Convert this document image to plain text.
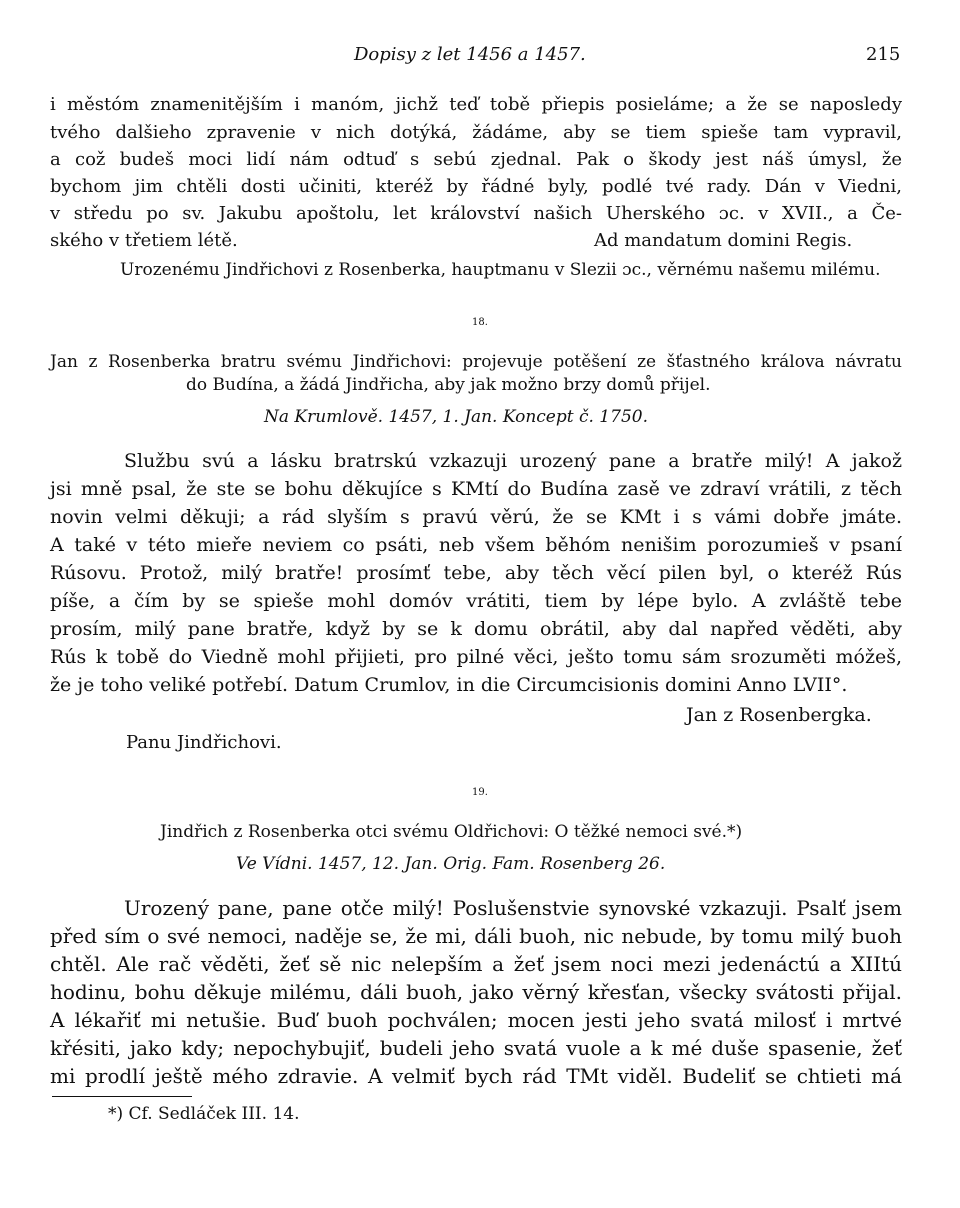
Dopisy z let 1456 a 1457.	215
i městóm znamenitějším i manóm, jichž teď tobě přiepis posieláme; a že se naposledy
tvého dalšieho zpravenie v nich dotýká, žádáme, aby se tiem spieše tam vypravil,
a což budeš moci lidí nám odtuď s sebú zjednal. Pak o škody jest náš úmysl, že
bychom jim chtěli dosti učiniti, kteréž by řádné byly, podlé tvé rady. Dán v Viedni,
v středu po sv. Jakubu apoštolu, let království našich Uherského ɔc. v XVII., a Če-
ského v třetiem létě.	Ad mandatum domini Regis.
Urozenému Jindřichovi z Rosenberka, hauptmanu v Slezii ɔc., věrnému našemu milému.
18.
Jan z Rosenberka bratru svému Jindřichovi: projevuje potěšení ze šťastného králova návratu
do Budína, a žádá Jindřicha, aby jak možno brzy domů přijel.
Na Krumlově. 1457, 1. Jan. Koncept č. 1750.
Službu svú a lásku bratrskú vzkazuji urozený pane a bratře milý! A jakož
jsi mně psal, že ste se bohu děkujíce s KMtí do Budína zasě ve zdraví vrátili, z těch
novin velmi děkuji; a rád slyším s pravú věrú, že se KMt i s vámi dobře jmáte.
A také v této mieře neviem co psáti, neb všem běhóm nenišim porozumieš v psaní
Rúsovu. Protož, milý bratře! prosímť tebe, aby těch věcí pilen byl, o kteréž Rús
píše, a čím by se spieše mohl domóv vrátiti, tiem by lépe bylo. A zvláště tebe
prosím, milý pane bratře, když by se k domu obrátil, aby dal napřed věděti, aby
Rús k tobě do Viedně mohl přijieti, pro pilné věci, ješto tomu sám srozuměti móžeš,
že je toho veliké potřebí. Datum Crumlov, in die Circumcisionis domini Anno LVII°.
Jan z Rosenbergka.
Panu Jindřichovi.
19.
Jindřich z Rosenberka otci svému Oldřichovi: O těžké nemoci své.*)
Ve Vídni. 1457, 12. Jan. Orig. Fam. Rosenberg 26.
Urozený pane, pane otče milý! Poslušenstvie synovské vzkazuji. Psalť jsem
před sím o své nemoci, naděje se, že mi, dáli buoh, nic nebude, by tomu milý buoh
chtěl. Ale rač věděti, žeť sě nic nelepším a žeť jsem noci mezi jedenáctú a XIItú
hodinu, bohu děkuje milému, dáli buoh, jako věrný křesťan, všecky svátosti přijal.
A lékařiť mi netušie. Buď buoh pochválen; mocen jesti jeho svatá milosť i mrtvé
křésiti, jako kdy; nepochybujiť, budeli jeho svatá vuole a k mé duše spasenie, žeť
mi prodlí ještě mého zdravie. A velmiť bych rád TMt viděl. Budeliť se chtieti má
*) Cf. Sedláček III. 14.
